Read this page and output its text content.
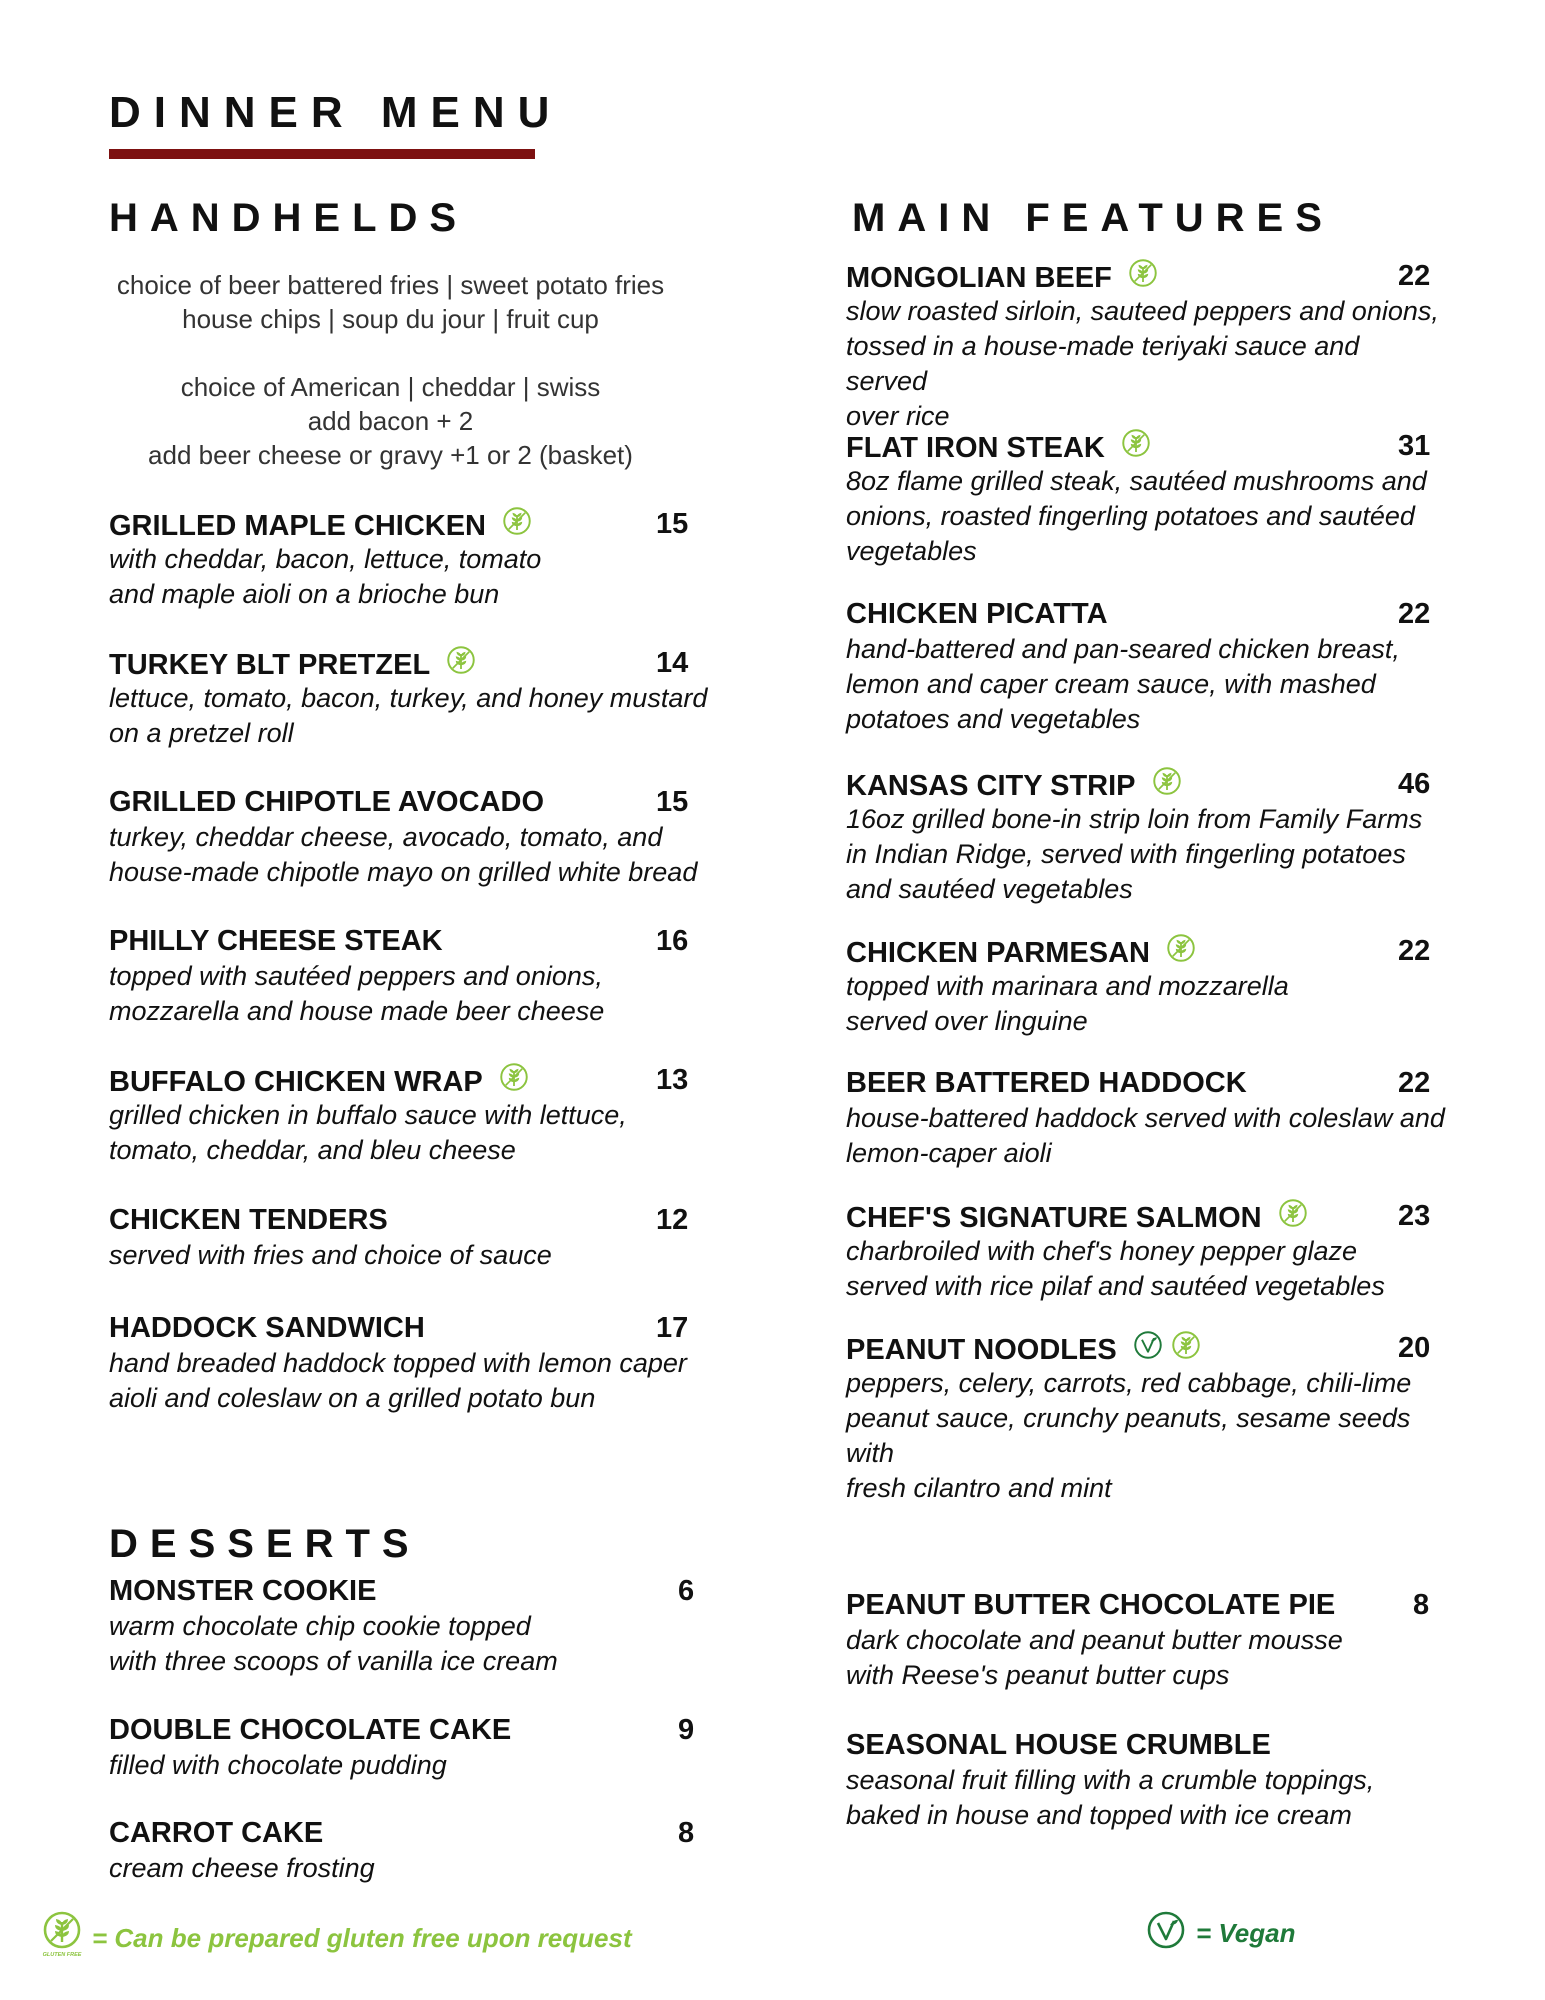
DINNER MENU
HANDHELDS

choice of beer battered fries | sweet potato fries

house chips | soup du jour | fruit cup

choice of American | cheddar | swiss

add bacon + 2

add beer cheese or gravy +1 or 2 (basket)

MAIN FEATURES
DESSERTS
GRILLED MAPLE CHICKEN	15

with cheddar, bacon, lettuce, tomato

and maple aioli on a brioche bun

TURKEY BLT PRETZEL	14

lettuce, tomato, bacon, turkey, and honey mustard

on a pretzel roll

GRILLED CHIPOTLE AVOCADO	15

turkey, cheddar cheese, avocado, tomato, and

house-made chipotle mayo on grilled white bread

PHILLY CHEESE STEAK	16

topped with sautéed peppers and onions,

mozzarella and house made beer cheese

BUFFALO CHICKEN WRAP	13

grilled chicken in buffalo sauce with lettuce,

tomato, cheddar, and bleu cheese

CHICKEN TENDERS	12

served with fries and choice of sauce

HADDOCK SANDWICH	17

hand breaded haddock topped with lemon caper

aioli and coleslaw on a grilled potato bun

MONGOLIAN BEEF	22

slow roasted sirloin, sauteed peppers and onions,

tossed in a house-made teriyaki sauce and served

over rice

FLAT IRON STEAK	31

8oz flame grilled steak, sautéed mushrooms and

onions, roasted fingerling potatoes and sautéed

vegetables

CHICKEN PICATTA	22

hand-battered and pan-seared chicken breast,

lemon and caper cream sauce, with mashed

potatoes and vegetables

KANSAS CITY STRIP	46

16oz grilled bone-in strip loin from Family Farms

in Indian Ridge, served with fingerling potatoes

and sautéed vegetables

CHICKEN PARMESAN	22

topped with marinara and mozzarella

served over linguine

BEER BATTERED HADDOCK	22

house-battered haddock served with coleslaw and

lemon-caper aioli

CHEF'S SIGNATURE SALMON	23

charbroiled with chef's honey pepper glaze

served with rice pilaf and sautéed vegetables

PEANUT NOODLES	20

peppers, celery, carrots, red cabbage, chili-lime

peanut sauce, crunchy peanuts, sesame seeds with

fresh cilantro and mint

MONSTER COOKIE	6

warm chocolate chip cookie topped

with three scoops of vanilla ice cream

DOUBLE CHOCOLATE CAKE	9

filled with chocolate pudding

CARROT CAKE	8

cream cheese frosting

PEANUT BUTTER CHOCOLATE PIE	8

dark chocolate and peanut butter mousse

with Reese's peanut butter cups

SEASONAL HOUSE CRUMBLE

seasonal fruit filling with a crumble toppings,

baked in house and topped with ice cream

GLUTEN FREE
= Can be prepared gluten free upon request	= Vegan
